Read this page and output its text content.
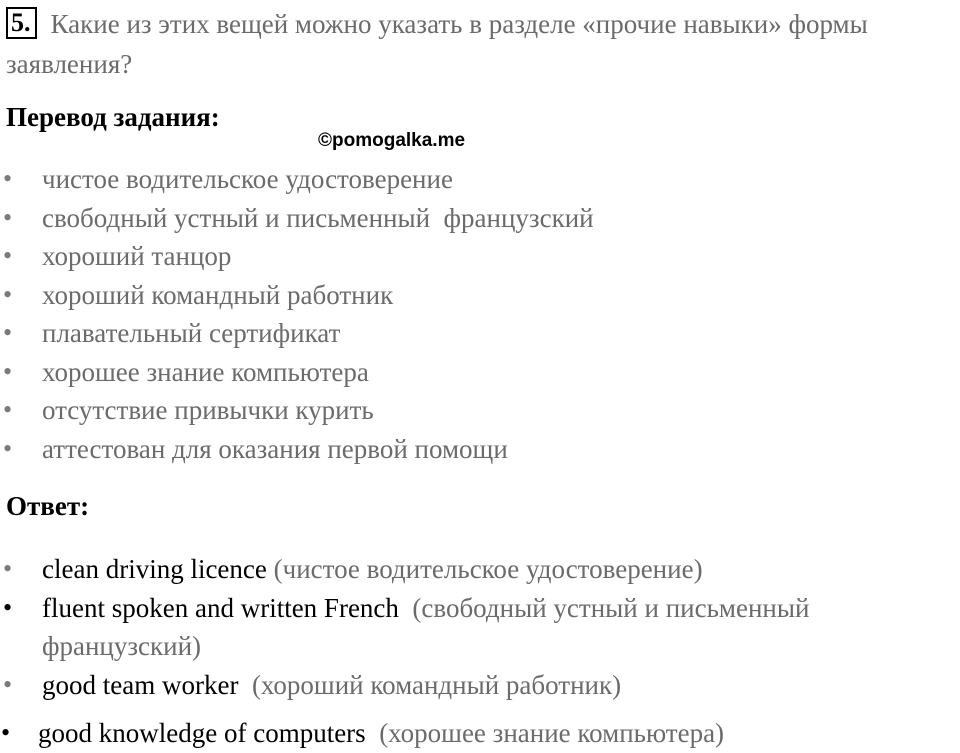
5. Какие из этих вещей можно указать в разделе «прочие навыки» формы заявления?
Перевод задания:
©pomogalka.me
• чистое водительское удостоверение
• свободный устный и письменный  французский
• хороший танцор
• хороший командный работник
• плавательный сертификат
• хорошее знание компьютера
• отсутствие привычки курить
• аттестован для оказания первой помощи
Ответ:
• clean driving licence (чистое водительское удостоверение)
• fluent spoken and written French (свободный устный и письменный французский)
• good team worker (хороший командный работник)
• good knowledge of computers (хорошее знание компьютера)
